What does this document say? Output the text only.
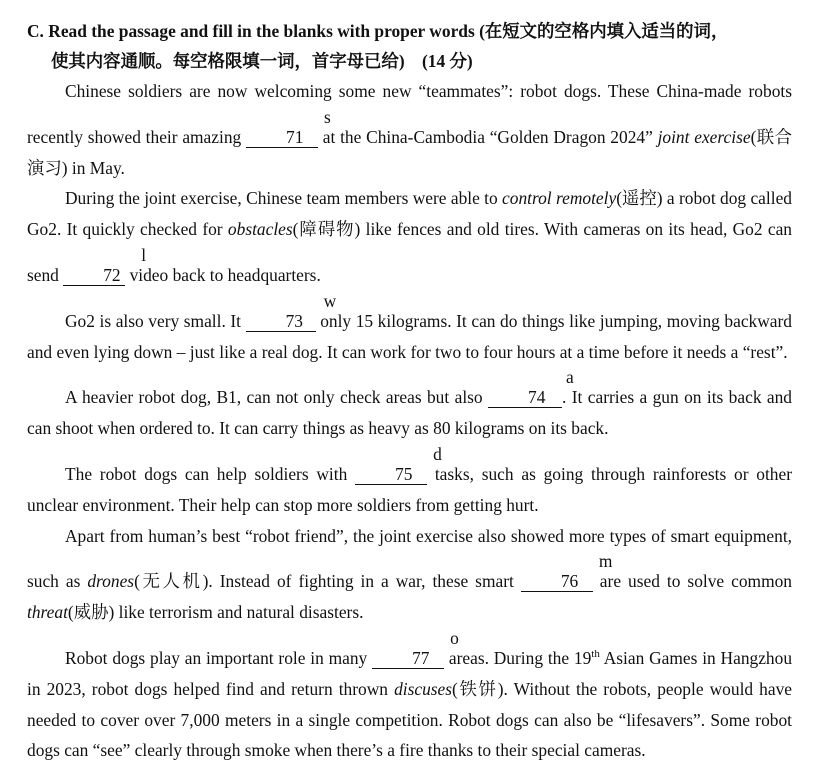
C. Read the passage and fill in the blanks with proper words (在短文的空格内填入适当的词，
使其内容通顺。每空格限填一词，首字母已给)　(14 分)

Chinese soldiers are now welcoming some new “teammates”: robot dogs. These China-made robots recently showed their amazing s71 at the China-Cambodia “Golden Dragon 2024” joint exercise(联合演习) in May.

During the joint exercise, Chinese team members were able to control remotely(遥控) a robot dog called Go2. It quickly checked for obstacles(障碍物) like fences and old tires. With cameras on its head, Go2 can send l72 video back to headquarters.

Go2 is also very small. It w73 only 15 kilograms. It can do things like jumping, moving backward and even lying down – just like a real dog. It can work for two to four hours at a time before it needs a “rest”.

A heavier robot dog, B1, can not only check areas but also a74 . It carries a gun on its back and can shoot when ordered to. It can carry things as heavy as 80 kilograms on its back.

The robot dogs can help soldiers with d75 tasks, such as going through rainforests or other unclear environment. Their help can stop more soldiers from getting hurt.

Apart from human’s best “robot friend”, the joint exercise also showed more types of smart equipment, such as drones(无人机). Instead of fighting in a war, these smart m76 are used to solve common threat(威胁) like terrorism and natural disasters.

Robot dogs play an important role in many o77 areas. During the 19th Asian Games in Hangzhou in 2023, robot dogs helped find and return thrown discuses(铁饼). Without the robots, people would have needed to cover over 7,000 meters in a single competition. Robot dogs can also be “lifesavers”. Some robot dogs can “see” clearly through smoke when there’s a fire thanks to their special cameras.
